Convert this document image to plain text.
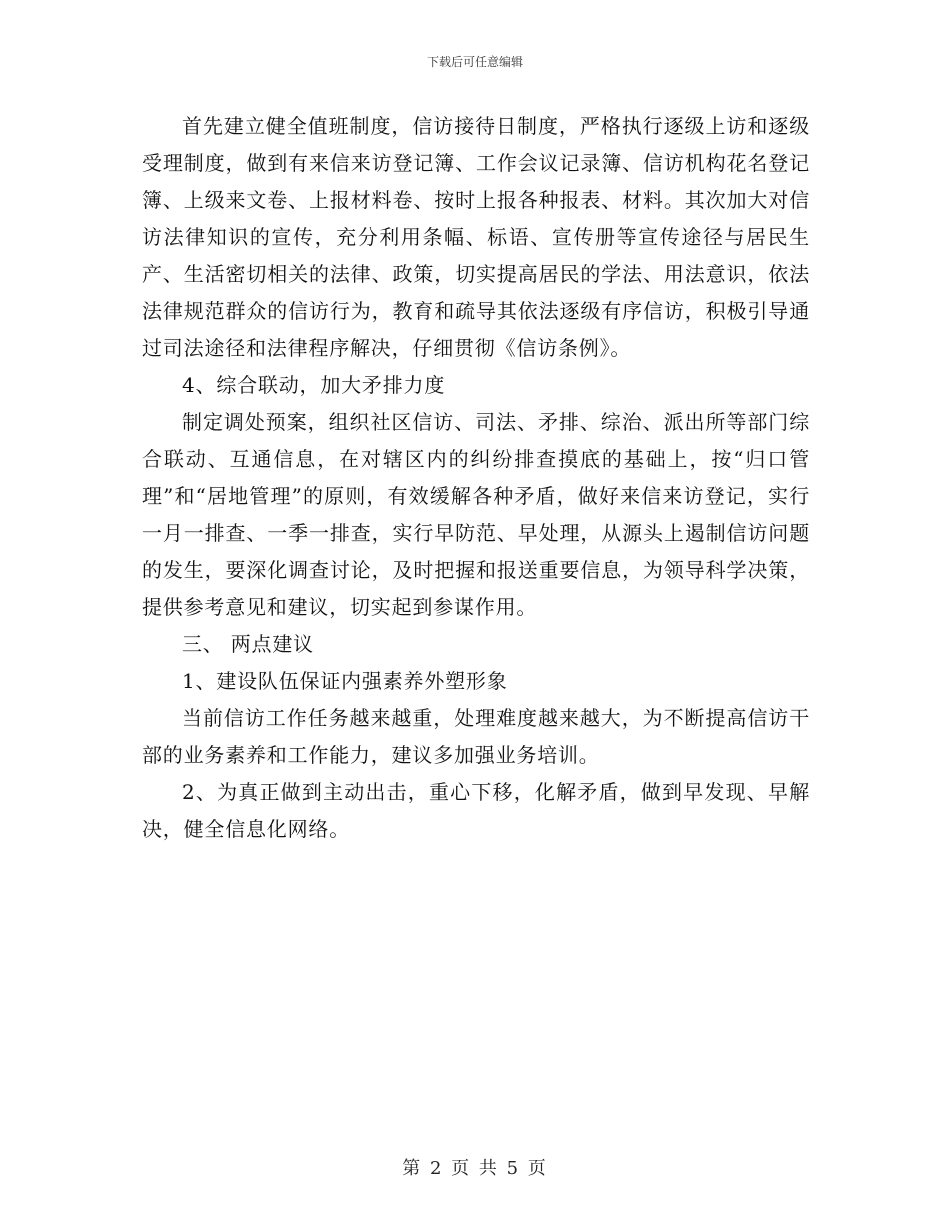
下载后可任意编辑

首先建立健全值班制度，信访接待日制度，严格执行逐级上访和逐级受理制度，做到有来信来访登记簿、工作会议记录簿、信访机构花名登记簿、上级来文卷、上报材料卷、按时上报各种报表、材料。其次加大对信访法律知识的宣传，充分利用条幅、标语、宣传册等宣传途径与居民生产、生活密切相关的法律、政策，切实提高居民的学法、用法意识，依法法律规范群众的信访行为，教育和疏导其依法逐级有序信访，积极引导通过司法途径和法律程序解决，仔细贯彻《信访条例》。

4、综合联动，加大矛排力度

制定调处预案，组织社区信访、司法、矛排、综治、派出所等部门综合联动、互通信息，在对辖区内的纠纷排查摸底的基础上，按“归口管理”和“居地管理”的原则，有效缓解各种矛盾，做好来信来访登记，实行一月一排查、一季一排查，实行早防范、早处理，从源头上遏制信访问题的发生，要深化调查讨论，及时把握和报送重要信息，为领导科学决策，提供参考意见和建议，切实起到参谋作用。

三、 两点建议

1、建设队伍保证内强素养外塑形象

当前信访工作任务越来越重，处理难度越来越大，为不断提高信访干部的业务素养和工作能力，建议多加强业务培训。

2、为真正做到主动出击，重心下移，化解矛盾，做到早发现、早解决，健全信息化网络。

第 2 页 共 5 页
